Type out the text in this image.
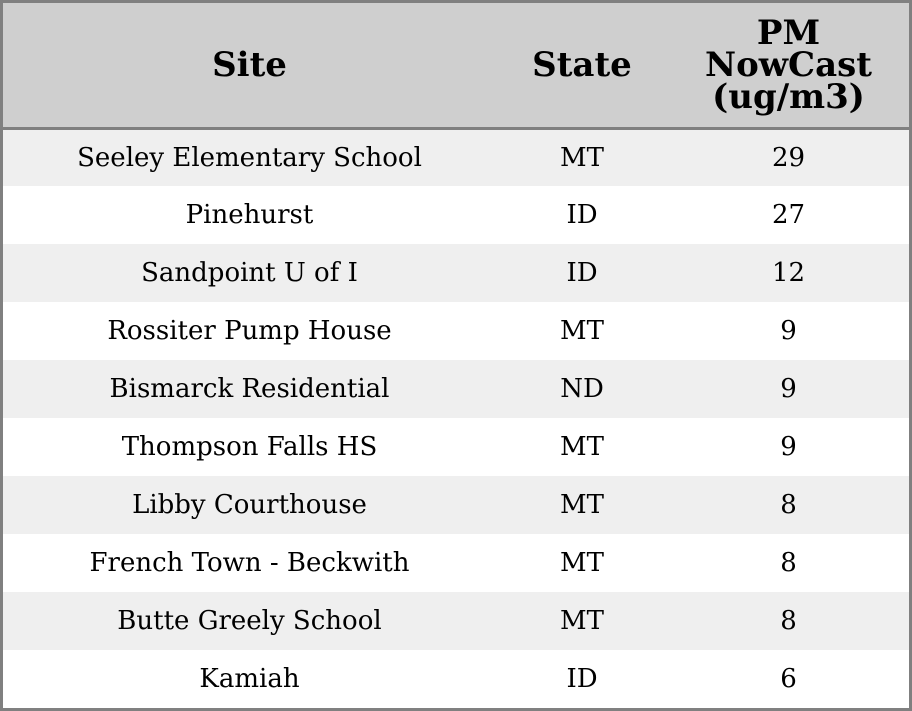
Site	State	PM
NowCast
(ug/m3)

Seeley Elementary School	MT	29
Pinehurst	ID	27
Sandpoint U of I	ID	12
Rossiter Pump House	MT	9
Bismarck Residential	ND	9
Thompson Falls HS	MT	9
Libby Courthouse	MT	8
French Town - Beckwith	MT	8
Butte Greely School	MT	8
Kamiah	ID	6
